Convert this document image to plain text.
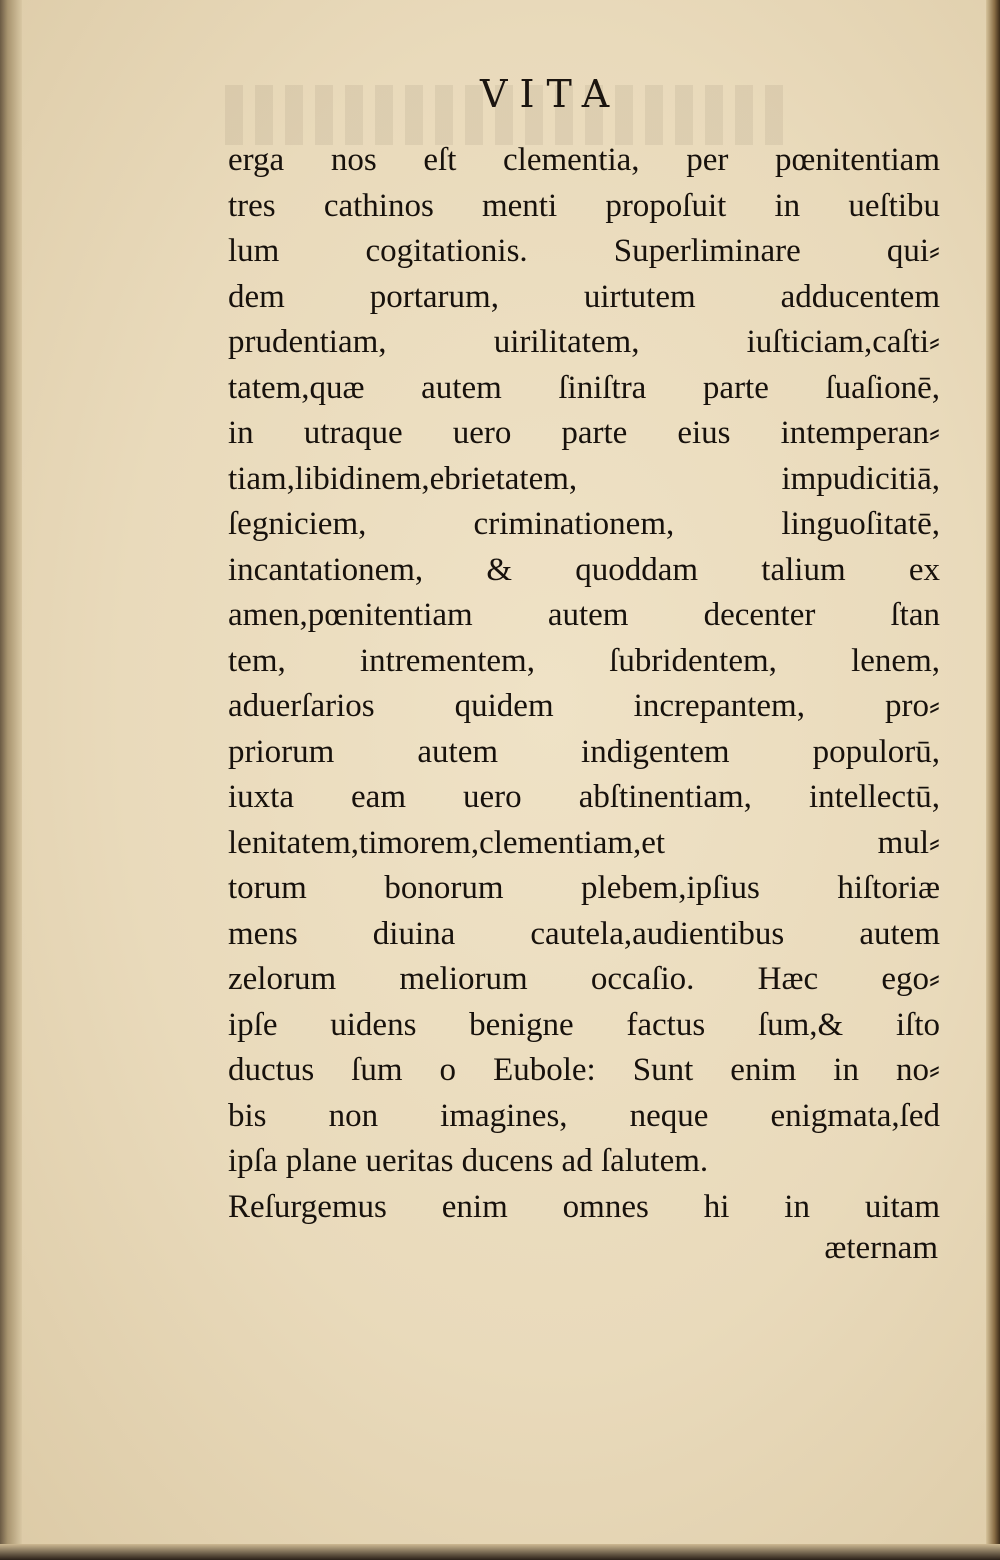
VITA
erga nos eſt clementia, per pœnitentiam
tres cathinos menti propoſuit in ueſtibu
lum cogitationis. Superliminare qui⸗
dem portarum, uirtutem adducentem
prudentiam, uirilitatem, iuſticiam,caſti⸗
tatem,quæ autem ſiniſtra parte ſuaſionē,
in utraque uero parte eius intemperan⸗
tiam,libidinem,ebrietatem, impudicitiā,
ſegniciem, criminationem, linguoſitatē,
incantationem, & quoddam talium ex
amen,pœnitentiam autem decenter ſtan
tem, intrementem, ſubridentem, lenem,
aduerſarios quidem increpantem, pro⸗
priorum autem indigentem populorū,
iuxta eam uero abſtinentiam, intellectū,
lenitatem,timorem,clementiam,et mul⸗
torum bonorum plebem,ipſius hiſtoriæ
mens diuina cautela,audientibus autem
zelorum meliorum occaſio. Hæc ego⸗
ipſe uidens benigne factus ſum,& iſto
ductus ſum o Eubole: Sunt enim in no⸗
bis non imagines, neque enigmata,ſed
ipſa plane ueritas ducens ad ſalutem.
Reſurgemus enim omnes hi in uitam
æternam
